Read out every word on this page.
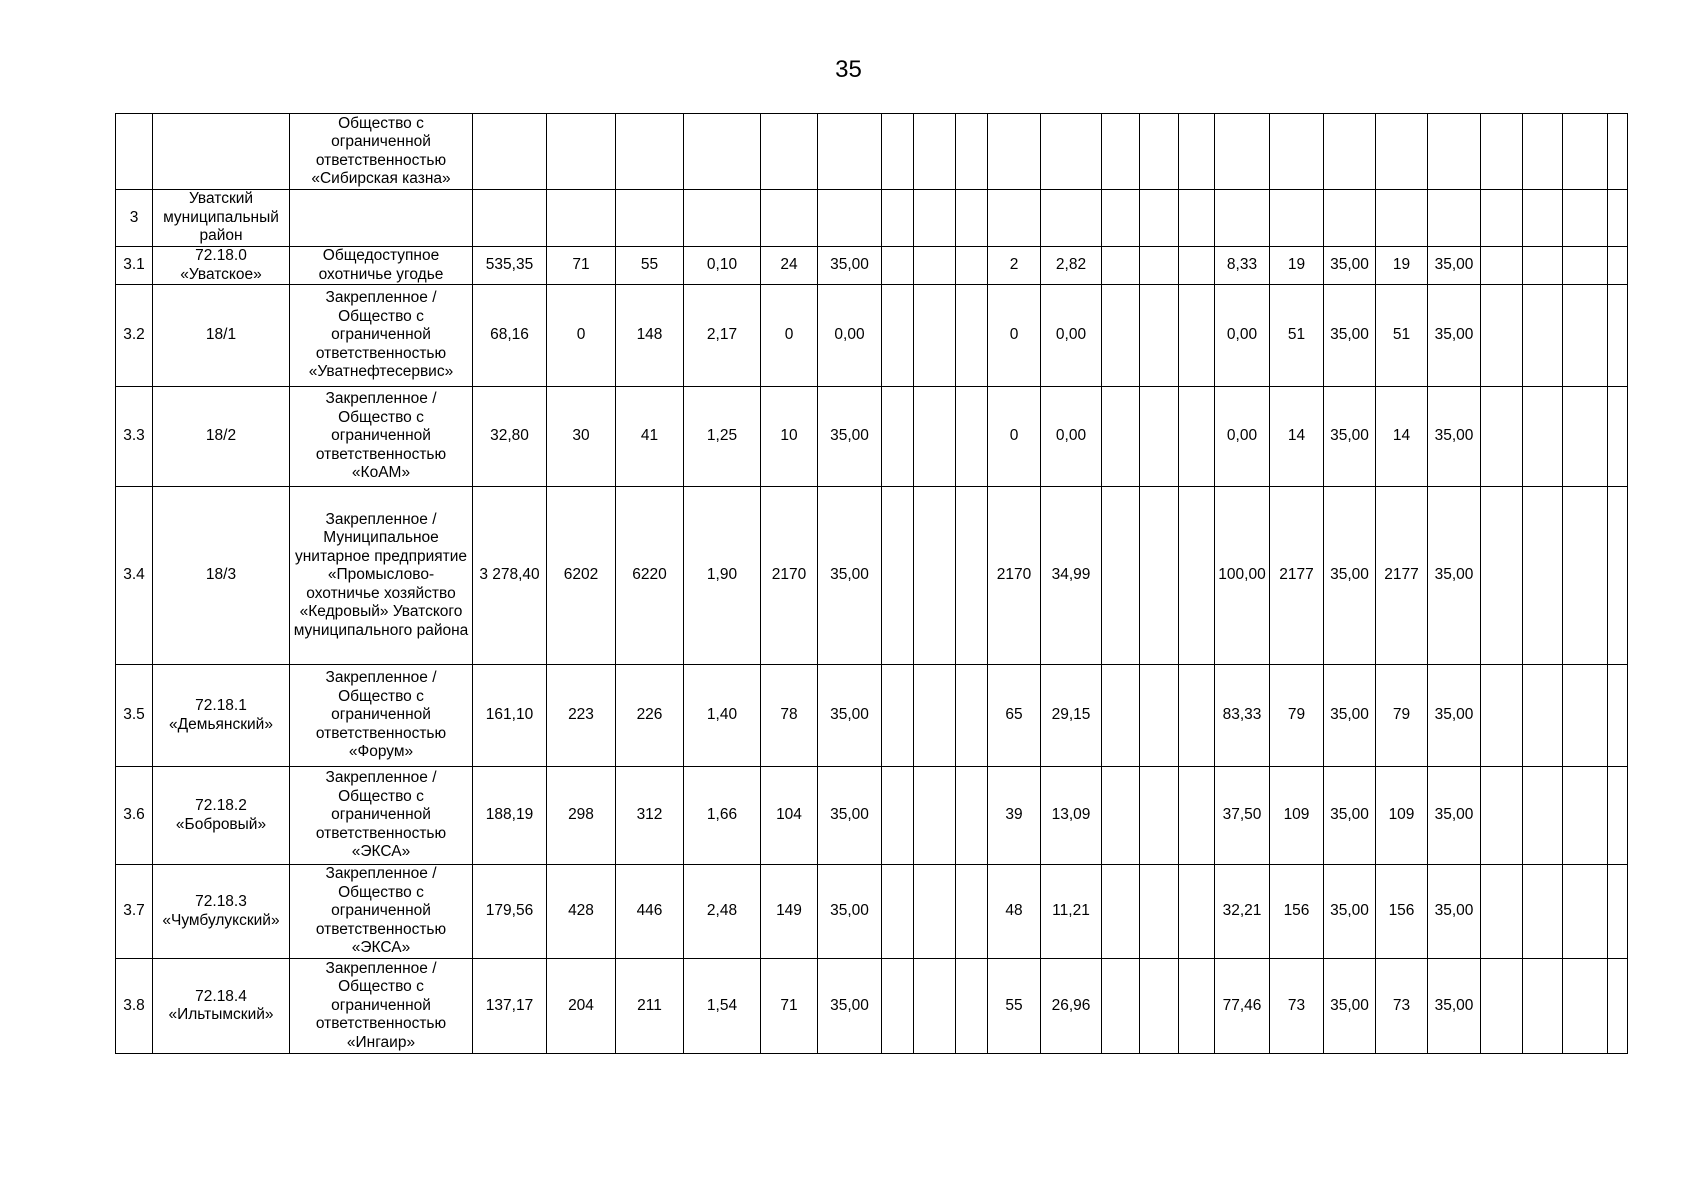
35
		Общество с ограниченной ответственностью «Сибирская казна»																							
3	Уватский муниципальный район																								
3.1	72.18.0 «Уватское»	Общедоступное охотничье угодье	535,35	71	55	0,10	24	35,00				2	2,82				8,33	19	35,00	19	35,00				
3.2	18/1	Закрепленное / Общество с ограниченной ответственностью «Уватнефтесервис»	68,16	0	148	2,17	0	0,00				0	0,00				0,00	51	35,00	51	35,00				
3.3	18/2	Закрепленное / Общество с ограниченной ответственностью «КоАМ»	32,80	30	41	1,25	10	35,00				0	0,00				0,00	14	35,00	14	35,00				
3.4	18/3	Закрепленное / Муниципальное унитарное предприятие «Промыслово-охотничье хозяйство «Кедровый» Уватского муниципального района	3 278,40	6202	6220	1,90	2170	35,00				2170	34,99				100,00	2177	35,00	2177	35,00				
3.5	72.18.1 «Демьянский»	Закрепленное / Общество с ограниченной ответственностью «Форум»	161,10	223	226	1,40	78	35,00				65	29,15				83,33	79	35,00	79	35,00				
3.6	72.18.2 «Бобровый»	Закрепленное / Общество с ограниченной ответственностью «ЭКСА»	188,19	298	312	1,66	104	35,00				39	13,09				37,50	109	35,00	109	35,00				
3.7	72.18.3 «Чумбулукский»	Закрепленное / Общество с ограниченной ответственностью «ЭКСА»	179,56	428	446	2,48	149	35,00				48	11,21				32,21	156	35,00	156	35,00				
3.8	72.18.4 «Ильтымский»	Закрепленное / Общество с ограниченной ответственностью «Ингаир»	137,17	204	211	1,54	71	35,00				55	26,96				77,46	73	35,00	73	35,00				
